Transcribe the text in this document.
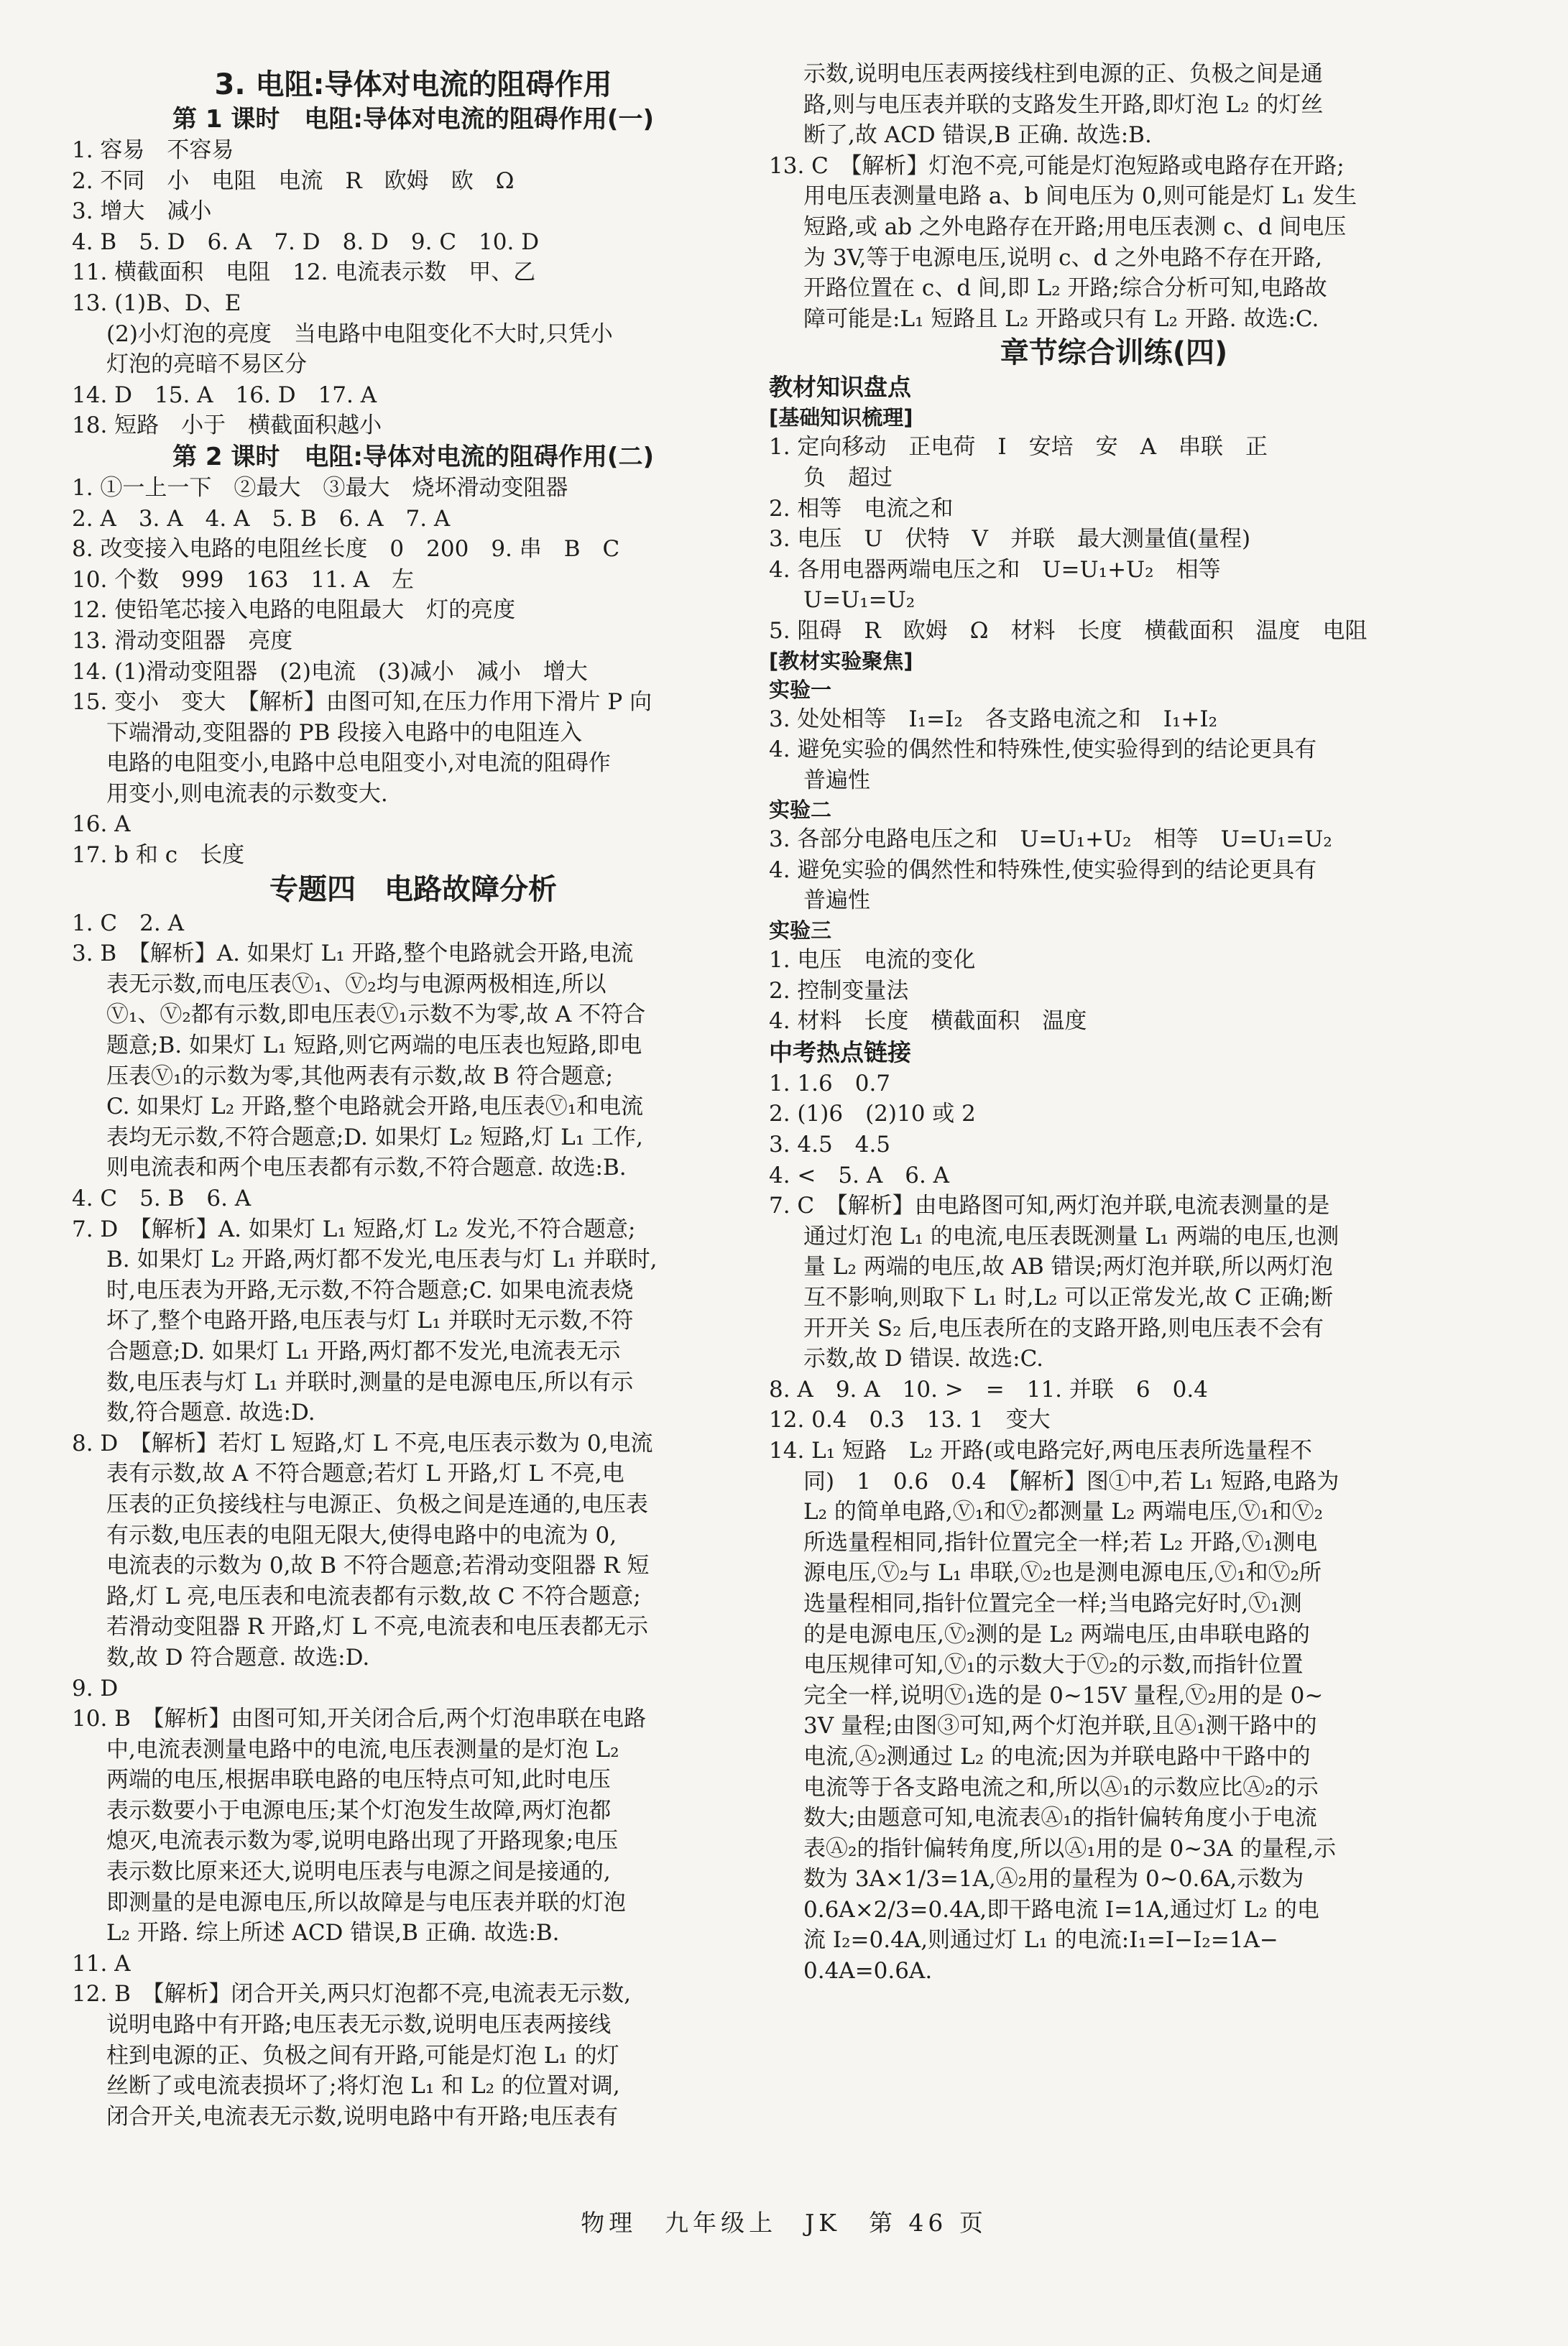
3. 电阻:导体对电流的阻碍作用
第 1 课时　电阻:导体对电流的阻碍作用(一)
1. 容易　不容易
2. 不同　小　电阻　电流　R　欧姆　欧　Ω
3. 增大　减小
4. B　5. D　6. A　7. D　8. D　9. C　10. D
11. 横截面积　电阻　12. 电流表示数　甲、乙
13. (1)B、D、E
(2)小灯泡的亮度　当电路中电阻变化不大时,只凭小
灯泡的亮暗不易区分
14. D　15. A　16. D　17. A
18. 短路　小于　横截面积越小
第 2 课时　电阻:导体对电流的阻碍作用(二)
1. ①一上一下　②最大　③最大　烧坏滑动变阻器
2. A　3. A　4. A　5. B　6. A　7. A
8. 改变接入电路的电阻丝长度　0　200　9. 串　B　C
10. 个数　999　163　11. A　左
12. 使铅笔芯接入电路的电阻最大　灯的亮度
13. 滑动变阻器　亮度
14. (1)滑动变阻器　(2)电流　(3)减小　减小　增大
15. 变小　变大　【解析】由图可知,在压力作用下滑片 P 向
下端滑动,变阻器的 PB 段接入电路中的电阻连入
电路的电阻变小,电路中总电阻变小,对电流的阻碍作
用变小,则电流表的示数变大.
16. A
17. b 和 c　长度
专题四　电路故障分析
1. C　2. A
3. B　【解析】A. 如果灯 L₁ 开路,整个电路就会开路,电流
表无示数,而电压表Ⓥ₁、Ⓥ₂均与电源两极相连,所以
Ⓥ₁、Ⓥ₂都有示数,即电压表Ⓥ₁示数不为零,故 A 不符合
题意;B. 如果灯 L₁ 短路,则它两端的电压表也短路,即电
压表Ⓥ₁的示数为零,其他两表有示数,故 B 符合题意;
C. 如果灯 L₂ 开路,整个电路就会开路,电压表Ⓥ₁和电流
表均无示数,不符合题意;D. 如果灯 L₂ 短路,灯 L₁ 工作,
则电流表和两个电压表都有示数,不符合题意. 故选:B.
4. C　5. B　6. A
7. D　【解析】A. 如果灯 L₁ 短路,灯 L₂ 发光,不符合题意;
B. 如果灯 L₂ 开路,两灯都不发光,电压表与灯 L₁ 并联时,
时,电压表为开路,无示数,不符合题意;C. 如果电流表烧
坏了,整个电路开路,电压表与灯 L₁ 并联时无示数,不符
合题意;D. 如果灯 L₁ 开路,两灯都不发光,电流表无示
数,电压表与灯 L₁ 并联时,测量的是电源电压,所以有示
数,符合题意. 故选:D.
8. D　【解析】若灯 L 短路,灯 L 不亮,电压表示数为 0,电流
表有示数,故 A 不符合题意;若灯 L 开路,灯 L 不亮,电
压表的正负接线柱与电源正、负极之间是连通的,电压表
有示数,电压表的电阻无限大,使得电路中的电流为 0,
电流表的示数为 0,故 B 不符合题意;若滑动变阻器 R 短
路,灯 L 亮,电压表和电流表都有示数,故 C 不符合题意;
若滑动变阻器 R 开路,灯 L 不亮,电流表和电压表都无示
数,故 D 符合题意. 故选:D.
9. D
10. B　【解析】由图可知,开关闭合后,两个灯泡串联在电路
中,电流表测量电路中的电流,电压表测量的是灯泡 L₂
两端的电压,根据串联电路的电压特点可知,此时电压
表示数要小于电源电压;某个灯泡发生故障,两灯泡都
熄灭,电流表示数为零,说明电路出现了开路现象;电压
表示数比原来还大,说明电压表与电源之间是接通的,
即测量的是电源电压,所以故障是与电压表并联的灯泡
L₂ 开路. 综上所述 ACD 错误,B 正确. 故选:B.
11. A
12. B　【解析】闭合开关,两只灯泡都不亮,电流表无示数,
说明电路中有开路;电压表无示数,说明电压表两接线
柱到电源的正、负极之间有开路,可能是灯泡 L₁ 的灯
丝断了或电流表损坏了;将灯泡 L₁ 和 L₂ 的位置对调,
闭合开关,电流表无示数,说明电路中有开路;电压表有
示数,说明电压表两接线柱到电源的正、负极之间是通
路,则与电压表并联的支路发生开路,即灯泡 L₂ 的灯丝
断了,故 ACD 错误,B 正确. 故选:B.
13. C　【解析】灯泡不亮,可能是灯泡短路或电路存在开路;
用电压表测量电路 a、b 间电压为 0,则可能是灯 L₁ 发生
短路,或 ab 之外电路存在开路;用电压表测 c、d 间电压
为 3V,等于电源电压,说明 c、d 之外电路不存在开路,
开路位置在 c、d 间,即 L₂ 开路;综合分析可知,电路故
障可能是:L₁ 短路且 L₂ 开路或只有 L₂ 开路. 故选:C.
章节综合训练(四)
教材知识盘点
[基础知识梳理]
1. 定向移动　正电荷　I　安培　安　A　串联　正
负　超过
2. 相等　电流之和
3. 电压　U　伏特　V　并联　最大测量值(量程)
4. 各用电器两端电压之和　U=U₁+U₂　相等
U=U₁=U₂
5. 阻碍　R　欧姆　Ω　材料　长度　横截面积　温度　电阻
[教材实验聚焦]
实验一
3. 处处相等　I₁=I₂　各支路电流之和　I₁+I₂
4. 避免实验的偶然性和特殊性,使实验得到的结论更具有
普遍性
实验二
3. 各部分电路电压之和　U=U₁+U₂　相等　U=U₁=U₂
4. 避免实验的偶然性和特殊性,使实验得到的结论更具有
普遍性
实验三
1. 电压　电流的变化
2. 控制变量法
4. 材料　长度　横截面积　温度
中考热点链接
1. 1.6　0.7
2. (1)6　(2)10 或 2
3. 4.5　4.5
4. <　5. A　6. A
7. C　【解析】由电路图可知,两灯泡并联,电流表测量的是
通过灯泡 L₁ 的电流,电压表既测量 L₁ 两端的电压,也测
量 L₂ 两端的电压,故 AB 错误;两灯泡并联,所以两灯泡
互不影响,则取下 L₁ 时,L₂ 可以正常发光,故 C 正确;断
开开关 S₂ 后,电压表所在的支路开路,则电压表不会有
示数,故 D 错误. 故选:C.
8. A　9. A　10. >　=　11. 并联　6　0.4
12. 0.4　0.3　13. 1　变大
14. L₁ 短路　L₂ 开路(或电路完好,两电压表所选量程不
同)　1　0.6　0.4　【解析】图①中,若 L₁ 短路,电路为
L₂ 的简单电路,Ⓥ₁和Ⓥ₂都测量 L₂ 两端电压,Ⓥ₁和Ⓥ₂
所选量程相同,指针位置完全一样;若 L₂ 开路,Ⓥ₁测电
源电压,Ⓥ₂与 L₁ 串联,Ⓥ₂也是测电源电压,Ⓥ₁和Ⓥ₂所
选量程相同,指针位置完全一样;当电路完好时,Ⓥ₁测
的是电源电压,Ⓥ₂测的是 L₂ 两端电压,由串联电路的
电压规律可知,Ⓥ₁的示数大于Ⓥ₂的示数,而指针位置
完全一样,说明Ⓥ₁选的是 0~15V 量程,Ⓥ₂用的是 0~
3V 量程;由图③可知,两个灯泡并联,且Ⓐ₁测干路中的
电流,Ⓐ₂测通过 L₂ 的电流;因为并联电路中干路中的
电流等于各支路电流之和,所以Ⓐ₁的示数应比Ⓐ₂的示
数大;由题意可知,电流表Ⓐ₁的指针偏转角度小于电流
表Ⓐ₂的指针偏转角度,所以Ⓐ₁用的是 0~3A 的量程,示
数为 3A×1/3=1A,Ⓐ₂用的量程为 0~0.6A,示数为
0.6A×2/3=0.4A,即干路电流 I=1A,通过灯 L₂ 的电
流 I₂=0.4A,则通过灯 L₁ 的电流:I₁=I−I₂=1A−
0.4A=0.6A.
物理　九年级上　JK　第 46 页
